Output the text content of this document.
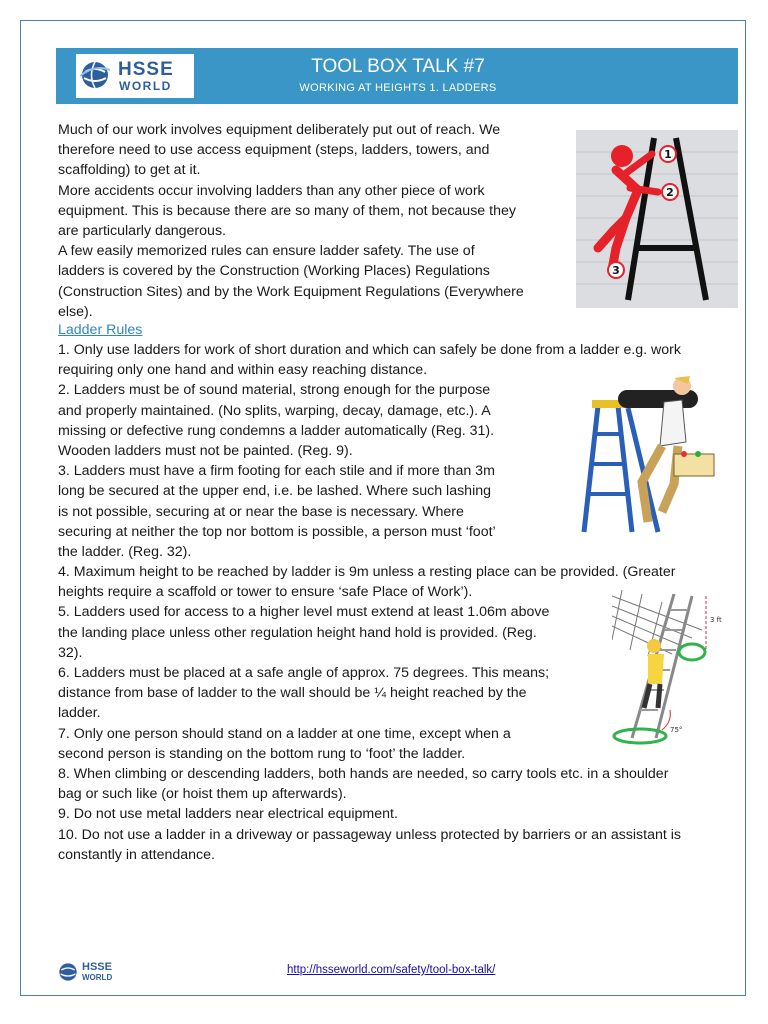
HSSE
WORLD
TOOL BOX TALK #7
WORKING AT HEIGHTS 1. LADDERS
Much of our work involves equipment deliberately put out of reach. We
therefore need to use access equipment (steps, ladders, towers, and
scaffolding) to get at it.
More accidents occur involving ladders than any other piece of work
equipment. This is because there are so many of them, not because they
are particularly dangerous.
A few easily memorized rules can ensure ladder safety. The use of
ladders is covered by the Construction (Working Places) Regulations
(Construction Sites) and by the Work Equipment Regulations (Everywhere
else).
Ladder Rules
1. Only use ladders for work of short duration and which can safely be done from a ladder e.g. work
requiring only one hand and within easy reaching distance.
2. Ladders must be of sound material, strong enough for the purpose
and properly maintained. (No splits, warping, decay, damage, etc.). A
missing or defective rung condemns a ladder automatically (Reg. 31).
Wooden ladders must not be painted. (Reg. 9).
3. Ladders must have a firm footing for each stile and if more than 3m
long be secured at the upper end, i.e. be lashed. Where such lashing
is not possible, securing at or near the base is necessary. Where
securing at neither the top nor bottom is possible, a person must ‘foot’
the ladder. (Reg. 32).
4. Maximum height to be reached by ladder is 9m unless a resting place can be provided. (Greater
heights require a scaffold or tower to ensure ‘safe Place of Work’).
5. Ladders used for access to a higher level must extend at least 1.06m above
the landing place unless other regulation height hand hold is provided. (Reg.
32).
6. Ladders must be placed at a safe angle of approx. 75 degrees. This means;
distance from base of ladder to the wall should be ¼ height reached by the
ladder.
7. Only one person should stand on a ladder at one time, except when a
second person is standing on the bottom rung to ‘foot’ the ladder.
8. When climbing or descending ladders, both hands are needed, so carry tools etc. in a shoulder
bag or such like (or hoist them up afterwards).
9. Do not use metal ladders near electrical equipment.
10. Do not use a ladder in a driveway or passageway unless protected by barriers or an assistant is
constantly in attendance.
1
2
3
3 ft
75°
HSSE
WORLD
http://hsseworld.com/safety/tool-box-talk/
